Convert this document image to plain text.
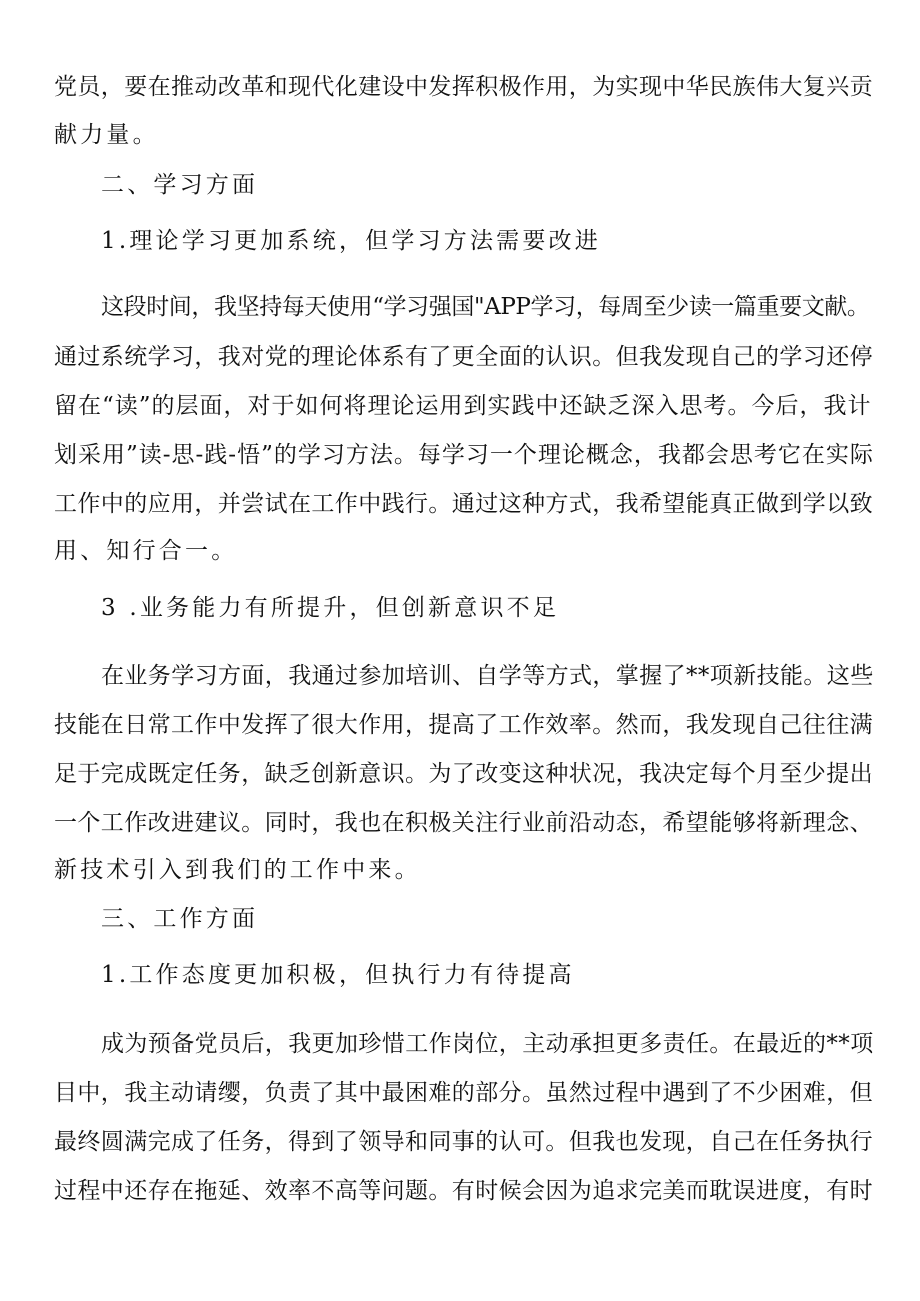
党员，要在推动改革和现代化建设中发挥积极作用，为实现中华民族伟大复兴贡
献力量。
二、学习方面
1.理论学习更加系统，但学习方法需要改进
这段时间，我坚持每天使用“学习强国"APP学习，每周至少读一篇重要文献。
通过系统学习，我对党的理论体系有了更全面的认识。但我发现自己的学习还停
留在“读”的层面，对于如何将理论运用到实践中还缺乏深入思考。今后，我计
划采用”读-思-践-悟”的学习方法。每学习一个理论概念，我都会思考它在实际
工作中的应用，并尝试在工作中践行。通过这种方式，我希望能真正做到学以致
用、知行合一。
3 .业务能力有所提升，但创新意识不足
在业务学习方面，我通过参加培训、自学等方式，掌握了**项新技能。这些
技能在日常工作中发挥了很大作用，提高了工作效率。然而，我发现自己往往满
足于完成既定任务，缺乏创新意识。为了改变这种状况，我决定每个月至少提出
一个工作改进建议。同时，我也在积极关注行业前沿动态，希望能够将新理念、
新技术引入到我们的工作中来。
三、工作方面
1.工作态度更加积极，但执行力有待提高
成为预备党员后，我更加珍惜工作岗位，主动承担更多责任。在最近的**项
目中，我主动请缨，负责了其中最困难的部分。虽然过程中遇到了不少困难，但
最终圆满完成了任务，得到了领导和同事的认可。但我也发现，自己在任务执行
过程中还存在拖延、效率不高等问题。有时候会因为追求完美而耽误进度，有时
